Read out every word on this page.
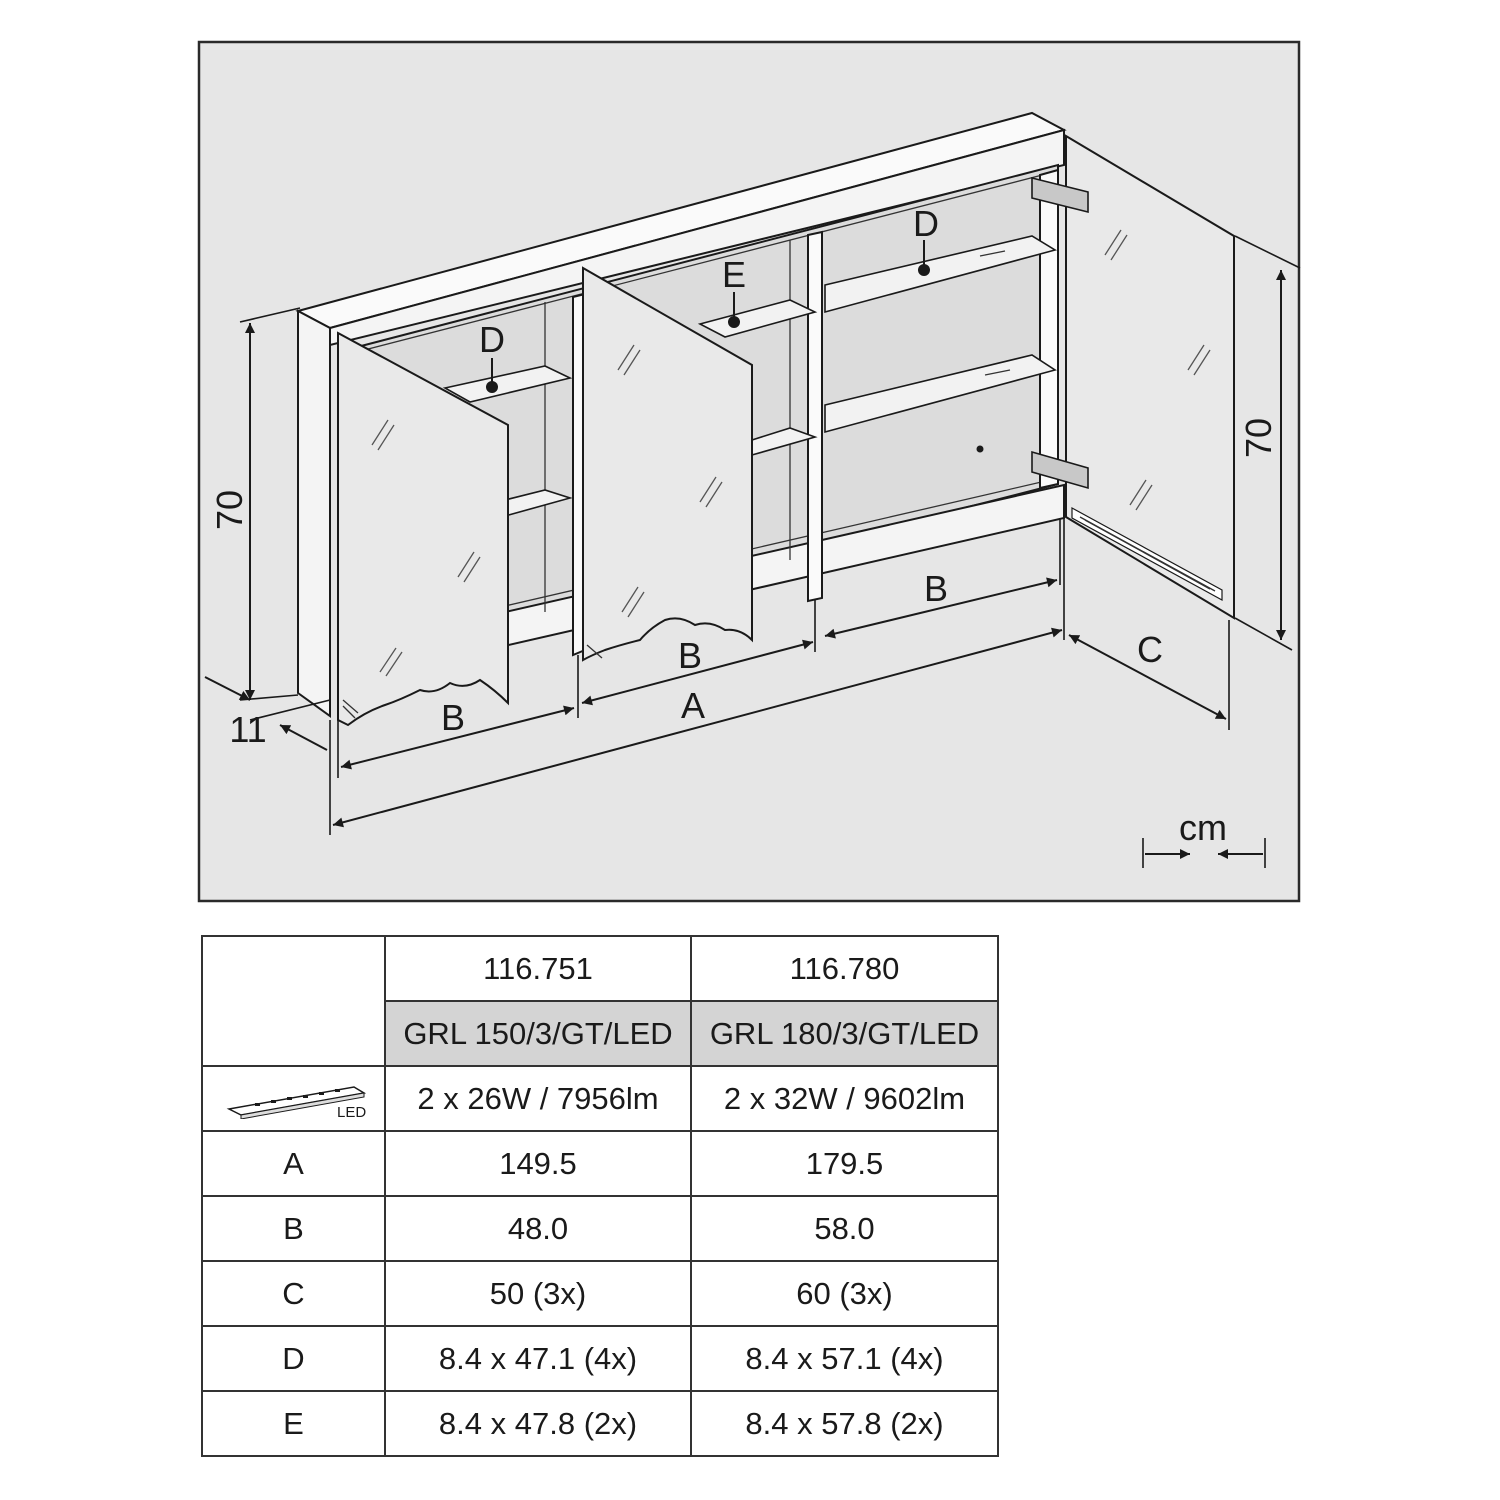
D
E
D
70
11
A
B
B
B
C
70
cm
	116.751	116.780
	GRL 150/3/GT/LED	GRL 180/3/GT/LED

LED	2 x 26W / 7956lm	2 x 32W / 9602lm
A	149.5	179.5
B	48.0	58.0
C	50 (3x)	60 (3x)
D	8.4 x 47.1 (4x)	8.4 x 57.1 (4x)
E	8.4 x 47.8 (2x)	8.4 x 57.8 (2x)
